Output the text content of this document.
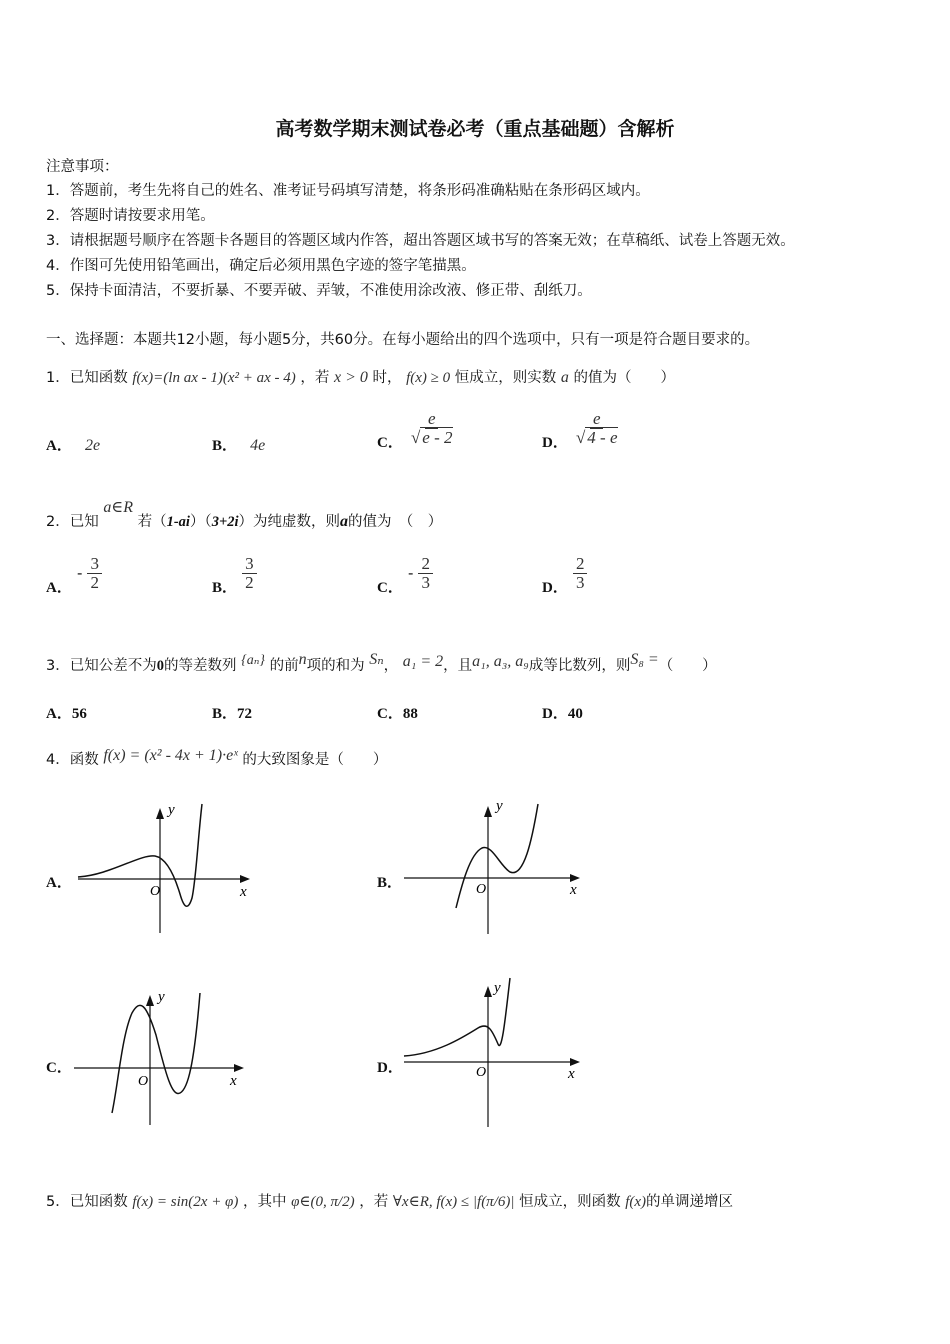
高考数学期末测试卷必考（重点基础题）含解析
注意事项：
1．答题前，考生先将自己的姓名、准考证号码填写清楚，将条形码准确粘贴在条形码区域内。
2．答题时请按要求用笔。
3．请根据题号顺序在答题卡各题目的答题区域内作答，超出答题区域书写的答案无效；在草稿纸、试卷上答题无效。
4．作图可先使用铅笔画出，确定后必须用黑色字迹的签字笔描黑。
5．保持卡面清洁，不要折暴、不要弄破、弄皱，不准使用涂改液、修正带、刮纸刀。
一、选择题：本题共12小题，每小题5分，共60分。在每小题给出的四个选项中，只有一项是符合题目要求的。
1．已知函数 f(x)=(ln ax - 1)(x² + ax - 4) ，若 x > 0 时， f(x) ≥ 0 恒成立，则实数 a 的值为（　　）
A． 2e	B． 4e	C． $\frac{e}{√ e - 2}$	D． $\frac{e}{√ 4 - e}$
2．已知 a∈R 若（1-ai）（3+2i）为纯虚数，则a的值为　（　）
A． - $\frac{3}{2}$	B． $\frac{3}{2}$	C． - $\frac{2}{3}$	D． $\frac{2}{3}$
3．已知公差不为0的等差数列 {aₙ} 的前n项的和为 Sₙ， a₁ = 2，且a₁, a₃, a₉成等比数列，则S₈ =（　　）
A．56	B．72	C．88	D．40
4．函数 f(x) = (x² - 4x + 1)·eˣ 的大致图象是（　　）
A．
y
x
O
B．
y
x
O
C．
y
x
O
D．
y
x
O
5．已知函数 f(x) = sin(2x + φ) ，其中 φ∈(0, π/2) ，若 ∀x∈R, f(x) ≤ |f(π/6)| 恒成立，则函数 f(x)的单调递增区
